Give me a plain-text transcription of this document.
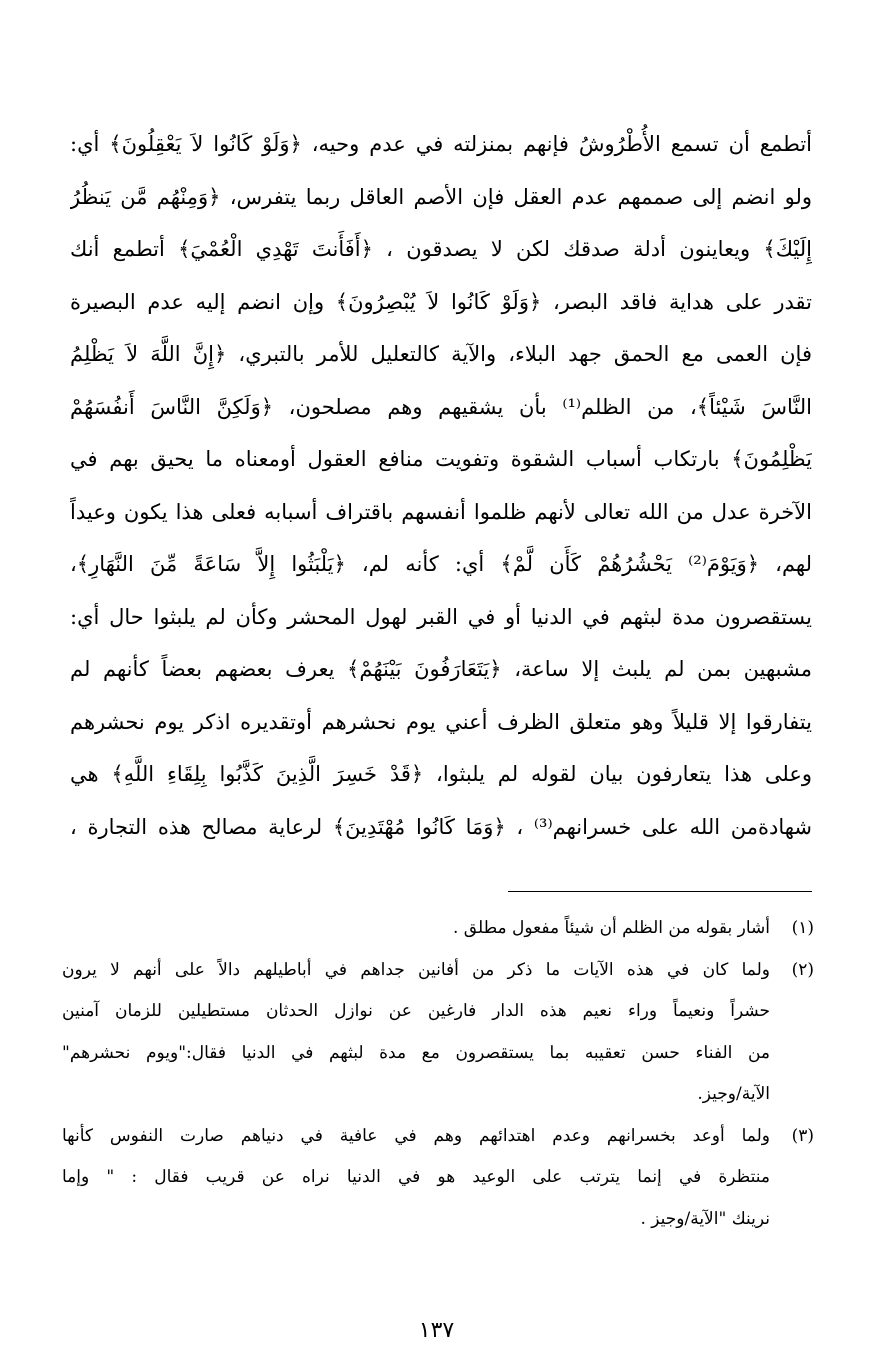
أتطمع أن تسمع الأُطْرُوشُ فإنهم بمنزلته في عدم وحيه، ﴿وَلَوْ كَانُوا لاَ يَعْقِلُونَ﴾ أي:
ولو انضم إلى صممهم عدم العقل فإن الأصم العاقل ربما يتفرس، ﴿وَمِنْهُم مَّن يَنظُرُ
إِلَيْكَ﴾ ويعاينون أدلة صدقك لكن لا يصدقون ، ﴿أَفَأَنتَ تَهْدِي الْعُمْيَ﴾ أتطمع أنك
تقدر على هداية فاقد البصر، ﴿وَلَوْ كَانُوا لاَ يُبْصِرُونَ﴾ وإن انضم إليه عدم البصيرة
فإن العمى مع الحمق جهد البلاء، والآية كالتعليل للأمر بالتبري، ﴿إِنَّ اللَّهَ لاَ يَظْلِمُ
النَّاسَ شَيْئاً﴾، من الظلم⁽¹⁾ بأن يشقيهم وهم مصلحون، ﴿وَلَكِنَّ النَّاسَ أَنفُسَهُمْ
يَظْلِمُونَ﴾ بارتكاب أسباب الشقوة وتفويت منافع العقول أومعناه ما يحيق بهم في
الآخرة عدل من الله تعالى لأنهم ظلموا أنفسهم باقتراف أسبابه فعلى هذا يكون وعيداً
لهم، ﴿وَيَوْمَ⁽²⁾ يَحْشُرُهُمْ كَأَن لَّمْ﴾ أي: كأنه لم، ﴿يَلْبَثُوا إِلاَّ سَاعَةً مِّنَ النَّهَارِ﴾،
يستقصرون مدة لبثهم في الدنيا أو في القبر لهول المحشر وكأن لم يلبثوا حال أي:
مشبهين بمن لم يلبث إلا ساعة، ﴿يَتَعَارَفُونَ بَيْنَهُمْ﴾ يعرف بعضهم بعضاً كأنهم لم
يتفارقوا إلا قليلاً وهو متعلق الظرف أعني يوم نحشرهم أوتقديره اذكر يوم نحشرهم
وعلى هذا يتعارفون بيان لقوله لم يلبثوا، ﴿قَدْ خَسِرَ الَّذِينَ كَذَّبُوا بِلِقَاءِ اللَّهِ﴾ هي
شهادةمن الله على خسرانهم⁽³⁾ ، ﴿وَمَا كَانُوا مُهْتَدِينَ﴾ لرعاية مصالح هذه التجارة ،
(١)
أشار بقوله من الظلم أن شيئاً مفعول مطلق .
(٢)
ولما كان في هذه الآيات ما ذكر من أفانين جداهم في أباطيلهم دالاً على أنهم لا يرون
حشراً ونعيماً وراء نعيم هذه الدار فارغين عن نوازل الحدثان مستطيلين للزمان آمنين
من الفناء حسن تعقيبه بما يستقصرون مع مدة لبثهم في الدنيا فقال:"ويوم نحشرهم"
الآية/وجيز.
(٣)
ولما أوعد بخسرانهم وعدم اهتدائهم وهم في عافية في دنياهم صارت النفوس كأنها
منتظرة في إنما يترتب على الوعيد هو في الدنيا نراه عن قريب فقال : " وإما
نرينك "الآية/وجيز .
١٣٧
